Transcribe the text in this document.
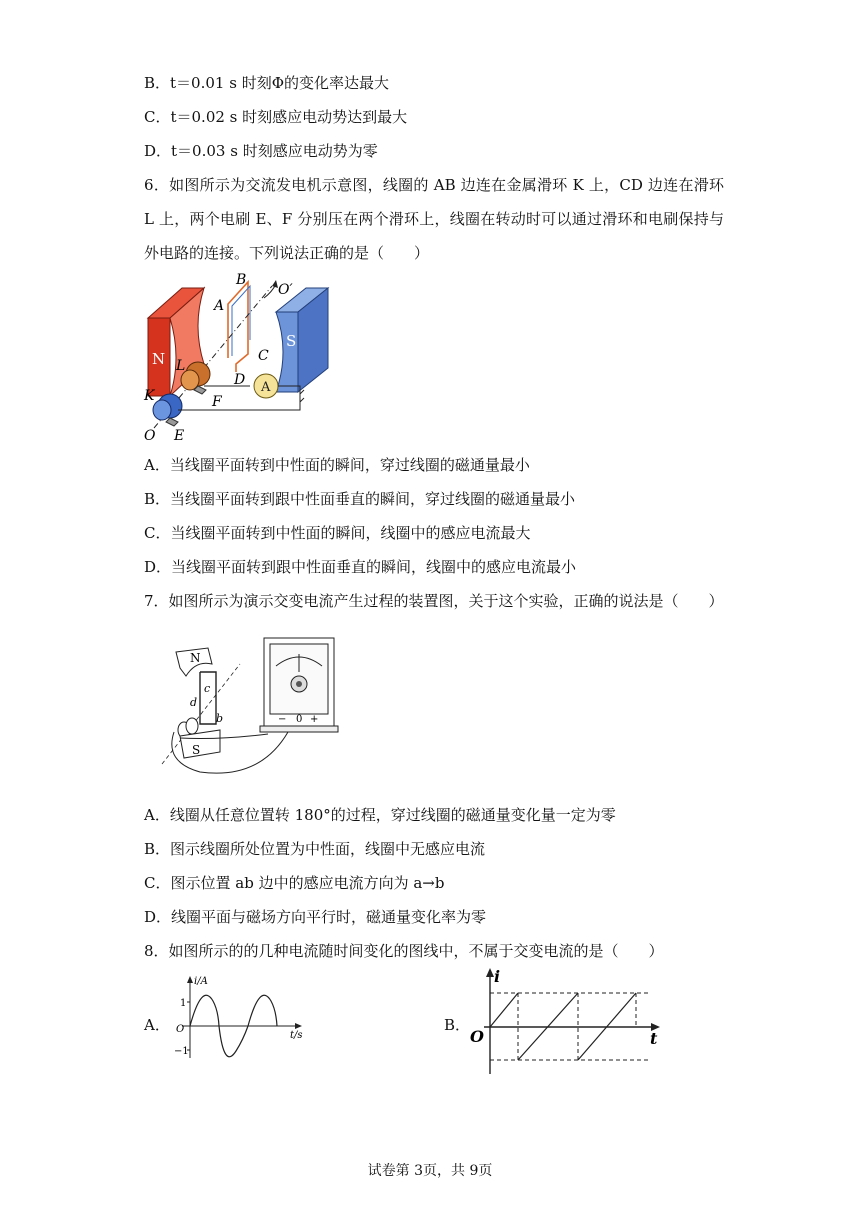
B．t＝0.01 s 时刻Φ的变化率达最大
C．t＝0.02 s 时刻感应电动势达到最大
D．t＝0.03 s 时刻感应电动势为零
6．如图所示为交流发电机示意图，线圈的 AB 边连在金属滑环 K 上，CD 边连在滑环 L 上，两个电刷 E、F 分别压在两个滑环上，线圈在转动时可以通过滑环和电刷保持与外电路的连接。下列说法正确的是（　　）
N
S
A
A
B
C
D
O′
L
K	F
E
O
A．当线圈平面转到中性面的瞬间，穿过线圈的磁通量最小
B．当线圈平面转到跟中性面垂直的瞬间，穿过线圈的磁通量最小
C．当线圈平面转到中性面的瞬间，线圈中的感应电流最大
D．当线圈平面转到跟中性面垂直的瞬间，线圈中的感应电流最小
7．如图所示为演示交变电流产生过程的装置图，关于这个实验，正确的说法是（　　）
− 0 +
N
d
c
b
S
A．线圈从任意位置转 180°的过程，穿过线圈的磁通量变化量一定为零
B．图示线圈所处位置为中性面，线圈中无感应电流
C．图示位置 ab 边中的感应电流方向为 a→b
D．线圈平面与磁场方向平行时，磁通量变化率为零
8．如图所示的的几种电流随时间变化的图线中，不属于交变电流的是（　　）
A．
i/A
t/s
O
1
−1
B．
i
t
O
试卷第 3页，共 9页
